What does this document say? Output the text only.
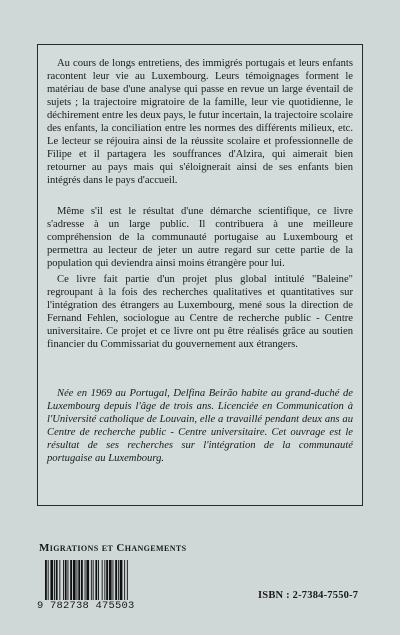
Au cours de longs entretiens, des immigrés portugais et leurs enfants racontent leur vie au Luxembourg. Leurs témoignages forment le matériau de base d'une analyse qui passe en revue un large éventail de sujets ; la trajectoire migratoire de la famille, leur vie quotidienne, le déchirement entre les deux pays, le futur incertain, la trajectoire scolaire des enfants, la conciliation entre les normes des différents milieux, etc. Le lecteur se réjouira ainsi de la réussite scolaire et professionnelle de Filipe et il partagera les souffrances d'Alzira, qui aimerait bien retourner au pays mais qui s'éloignerait ainsi de ses enfants bien intégrés dans le pays d'accueil.

Même s'il est le résultat d'une démarche scientifique, ce livre s'adresse à un large public. Il contribuera à une meilleure compréhension de la communauté portugaise au Luxembourg et permettra au lecteur de jeter un autre regard sur cette partie de la population qui deviendra ainsi moins étrangère pour lui.

Ce livre fait partie d'un projet plus global intitulé "Baleine" regroupant à la fois des recherches qualitatives et quantitatives sur l'intégration des étrangers au Luxembourg, mené sous la direction de Fernand Fehlen, sociologue au Centre de recherche public - Centre universitaire. Ce projet et ce livre ont pu être réalisés grâce au soutien financier du Commissariat du gouvernement aux étrangers.

Née en 1969 au Portugal, Delfina Beirão habite au grand-duché de Luxembourg depuis l'âge de trois ans. Licenciée en Communication à l'Université catholique de Louvain, elle a travaillé pendant deux ans au Centre de recherche public - Centre universitaire. Cet ouvrage est le résultat de ses recherches sur l'intégration de la communauté portugaise au Luxembourg.

Migrations et Changements
9 782738 475503
ISBN : 2-7384-7550-7
